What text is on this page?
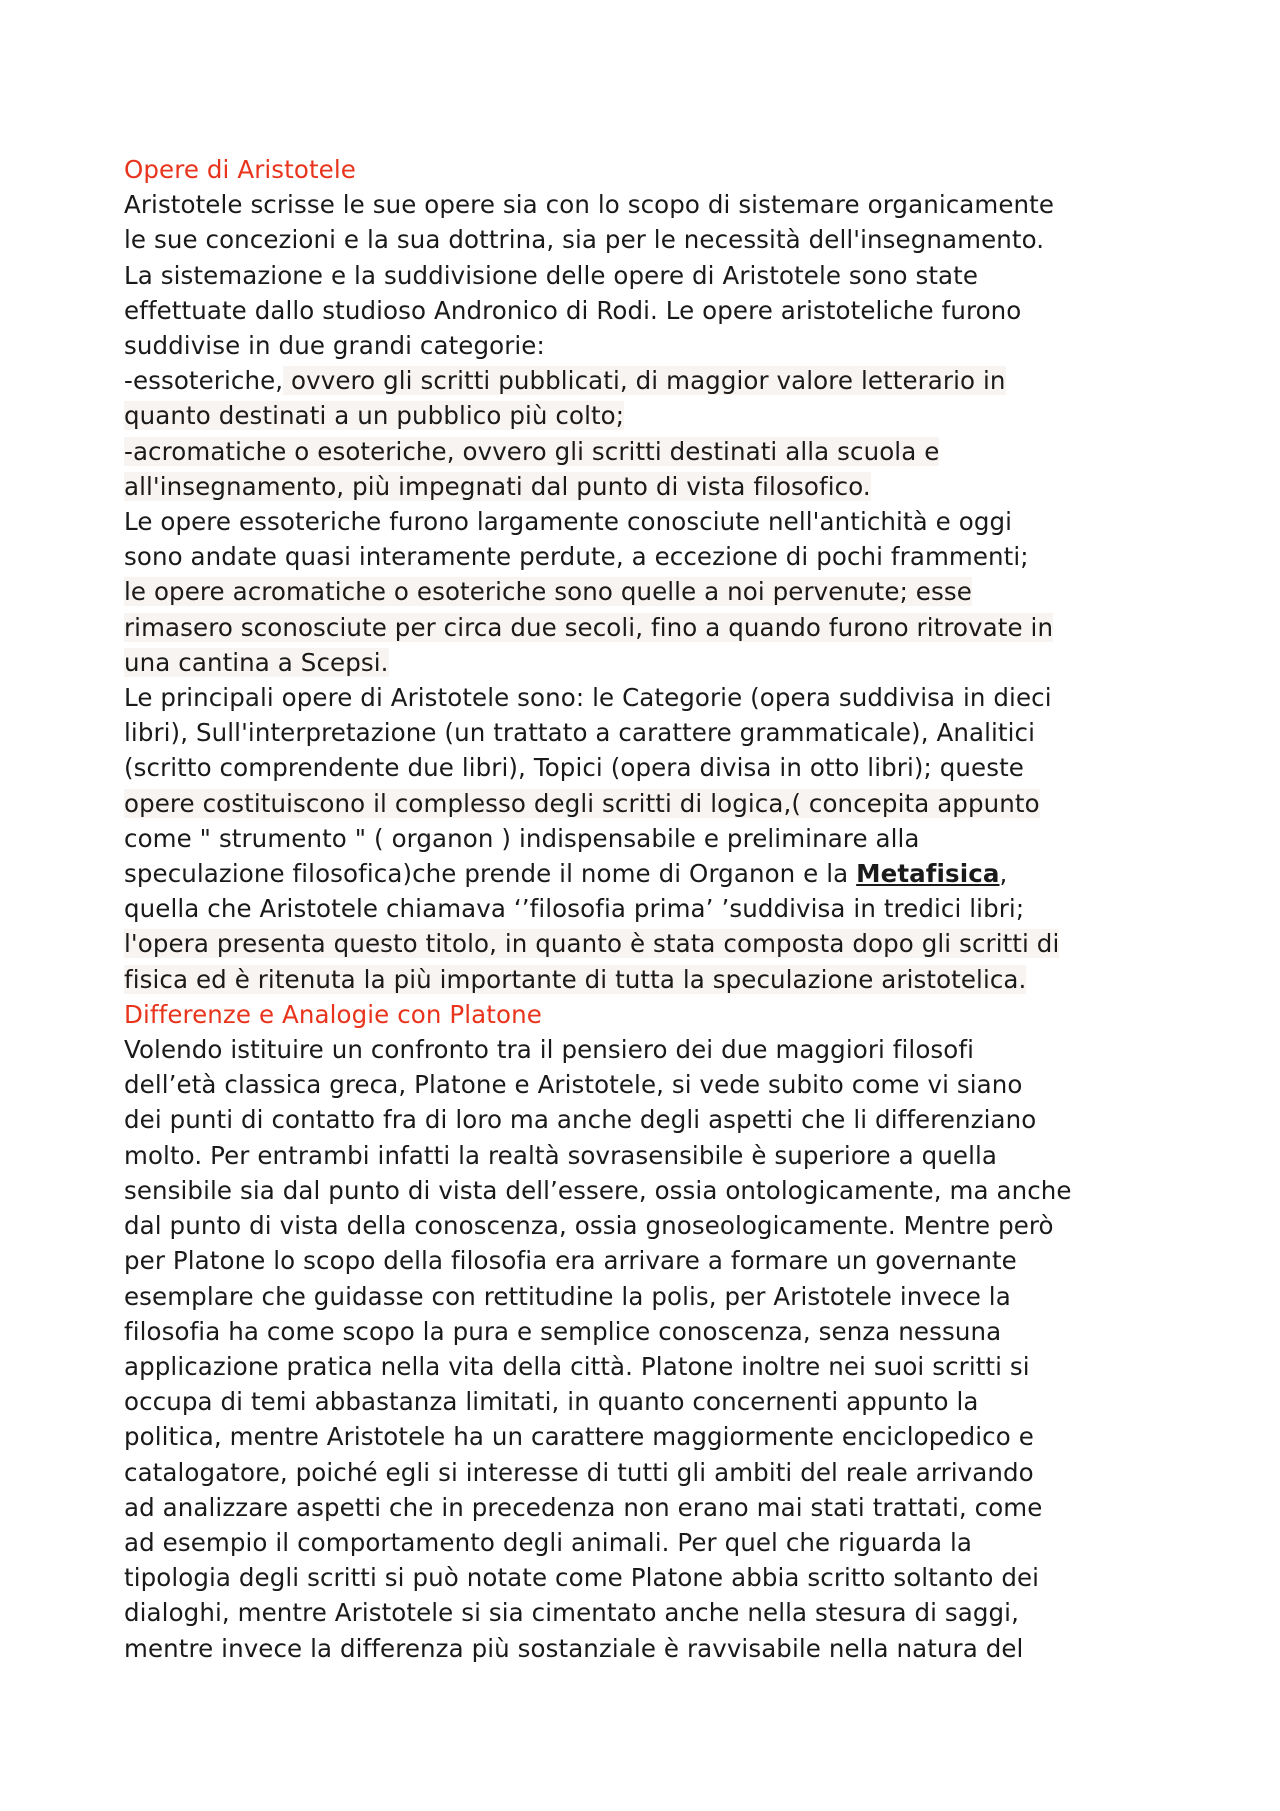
Opere di Aristotele
Aristotele scrisse le sue opere sia con lo scopo di sistemare organicamente
le sue concezioni e la sua dottrina, sia per le necessità dell'insegnamento.
La sistemazione e la suddivisione delle opere di Aristotele sono state
effettuate dallo studioso Andronico di Rodi. Le opere aristoteliche furono
suddivise in due grandi categorie:
-essoteriche, ovvero gli scritti pubblicati, di maggior valore letterario in
quanto destinati a un pubblico più colto;
-acromatiche o esoteriche, ovvero gli scritti destinati alla scuola e
all'insegnamento, più impegnati dal punto di vista filosofico.
Le opere essoteriche furono largamente conosciute nell'antichità e oggi
sono andate quasi interamente perdute, a eccezione di pochi frammenti;
le opere acromatiche o esoteriche sono quelle a noi pervenute; esse
rimasero sconosciute per circa due secoli, fino a quando furono ritrovate in
una cantina a Scepsi.
Le principali opere di Aristotele sono: le Categorie (opera suddivisa in dieci
libri), Sull'interpretazione (un trattato a carattere grammaticale), Analitici
(scritto comprendente due libri), Topici (opera divisa in otto libri); queste
opere costituiscono il complesso degli scritti di logica,( concepita appunto
come " strumento " ( organon ) indispensabile e preliminare alla
speculazione filosofica)che prende il nome di Organon e la Metafisica,
quella che Aristotele chiamava ‘’filosofia prima’ ’suddivisa in tredici libri;
l'opera presenta questo titolo, in quanto è stata composta dopo gli scritti di
fisica ed è ritenuta la più importante di tutta la speculazione aristotelica.
Differenze e Analogie con Platone
Volendo istituire un confronto tra il pensiero dei due maggiori filosofi
dell’età classica greca, Platone e Aristotele, si vede subito come vi siano
dei punti di contatto fra di loro ma anche degli aspetti che li differenziano
molto. Per entrambi infatti la realtà sovrasensibile è superiore a quella
sensibile sia dal punto di vista dell’essere, ossia ontologicamente, ma anche
dal punto di vista della conoscenza, ossia gnoseologicamente. Mentre però
per Platone lo scopo della filosofia era arrivare a formare un governante
esemplare che guidasse con rettitudine la polis, per Aristotele invece la
filosofia ha come scopo la pura e semplice conoscenza, senza nessuna
applicazione pratica nella vita della città. Platone inoltre nei suoi scritti si
occupa di temi abbastanza limitati, in quanto concernenti appunto la
politica, mentre Aristotele ha un carattere maggiormente enciclopedico e
catalogatore, poiché egli si interesse di tutti gli ambiti del reale arrivando
ad analizzare aspetti che in precedenza non erano mai stati trattati, come
ad esempio il comportamento degli animali. Per quel che riguarda la
tipologia degli scritti si può notate come Platone abbia scritto soltanto dei
dialoghi, mentre Aristotele si sia cimentato anche nella stesura di saggi,
mentre invece la differenza più sostanziale è ravvisabile nella natura del
